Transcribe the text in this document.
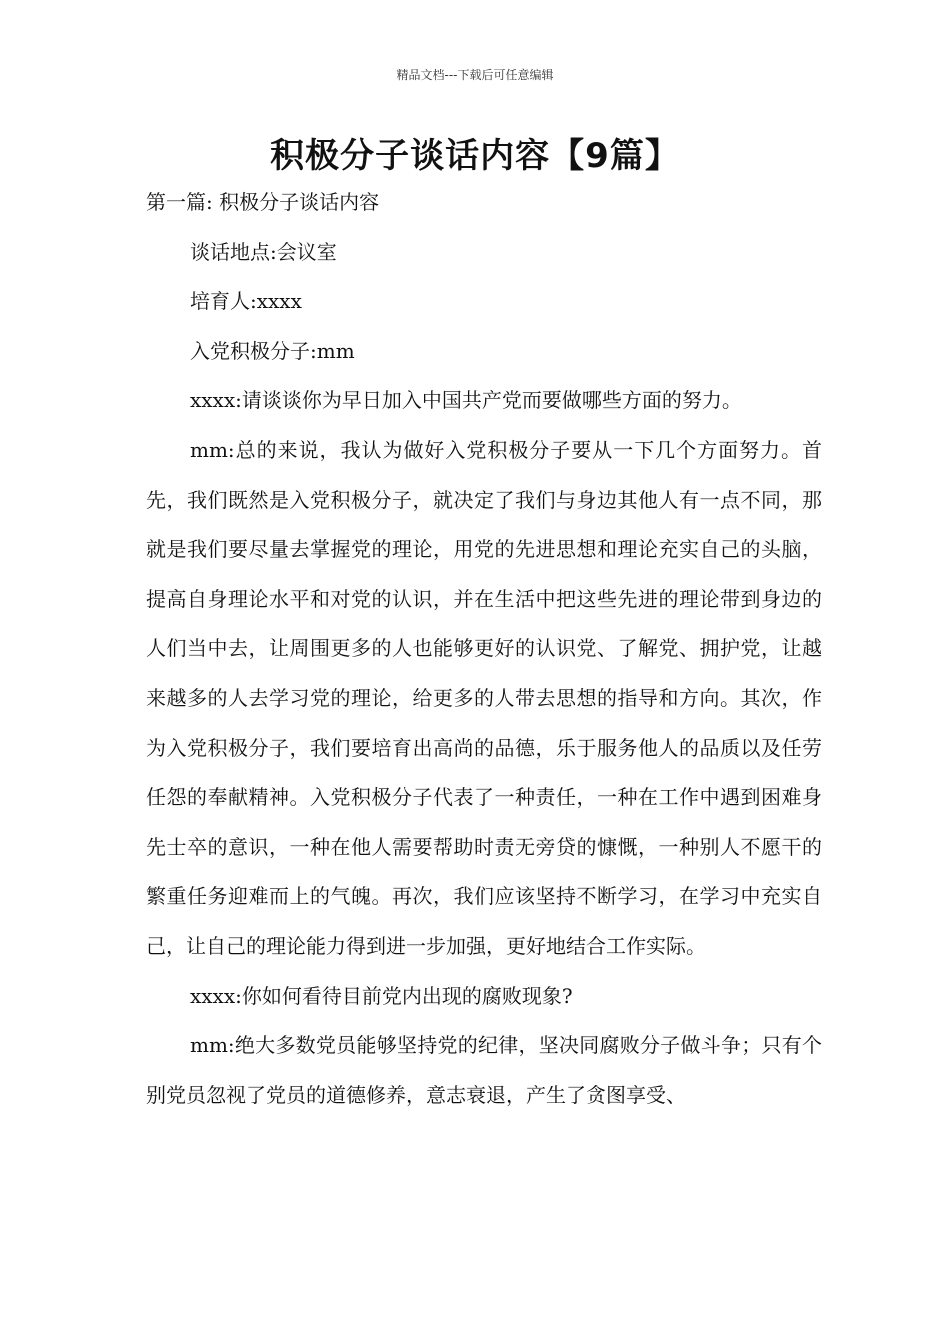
精品文档---下载后可任意编辑
积极分子谈话内容【9篇】

第一篇: 积极分子谈话内容

谈话地点:会议室

培育人:xxxx

入党积极分子:mm

xxxx:请谈谈你为早日加入中国共产党而要做哪些方面的努力。

mm:总的来说，我认为做好入党积极分子要从一下几个方面努力。首先，我们既然是入党积极分子，就决定了我们与身边其他人有一点不同，那就是我们要尽量去掌握党的理论，用党的先进思想和理论充实自己的头脑，提高自身理论水平和对党的认识，并在生活中把这些先进的理论带到身边的人们当中去，让周围更多的人也能够更好的认识党、了解党、拥护党，让越来越多的人去学习党的理论，给更多的人带去思想的指导和方向。其次，作为入党积极分子，我们要培育出高尚的品德，乐于服务他人的品质以及任劳任怨的奉献精神。入党积极分子代表了一种责任，一种在工作中遇到困难身先士卒的意识，一种在他人需要帮助时责无旁贷的慷慨，一种别人不愿干的繁重任务迎难而上的气魄。再次，我们应该坚持不断学习，在学习中充实自己，让自己的理论能力得到进一步加强，更好地结合工作实际。

xxxx:你如何看待目前党内出现的腐败现象?

mm:绝大多数党员能够坚持党的纪律，坚决同腐败分子做斗争；只有个别党员忽视了党员的道德修养，意志衰退，产生了贪图享受、
